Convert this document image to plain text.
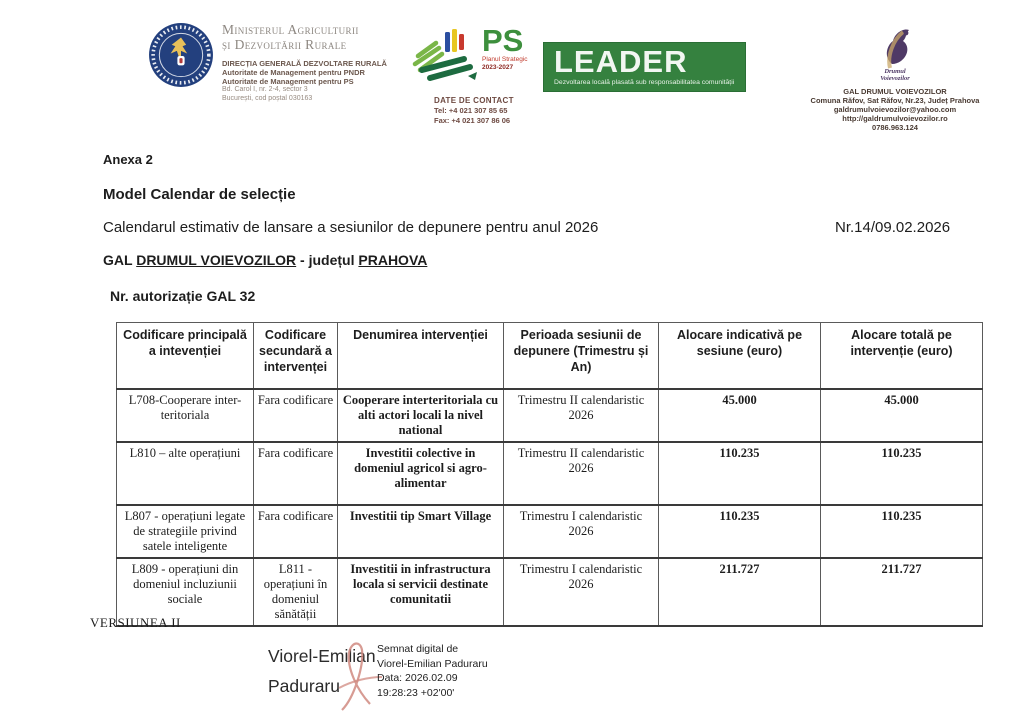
Ministerul Agriculturii
și Dezvoltării Rurale
DIRECȚIA GENERALĂ DEZVOLTARE RURALĂ
Autoritate de Management pentru PNDR
Autoritate de Management pentru PS
Bd. Carol I, nr. 2-4, sector 3
București, cod poștal 030163
PS
Planul Strategic
2023-2027
DATE DE CONTACT
Tel: +4 021 307 85 65
Fax: +4 021 307 86 06
LEADER
Dezvoltarea locală plasată sub responsabilitatea comunității
Drumul
Voievozilor
GAL DRUMUL VOIEVOZILOR
Comuna Răfov, Sat Răfov, Nr.23, Județ Prahova
galdrumulvoievozilor@yahoo.com
http://galdrumulvoievozilor.ro
0786.963.124
Anexa 2
Model Calendar de selecție
Calendarul estimativ de lansare a sesiunilor de depunere pentru anul 2026	Nr.14/09.02.2026
GAL DRUMUL VOIEVOZILOR - județul PRAHOVA
Nr. autorizație GAL 32
Codificare principală a intevenției	Codificare secundară a intervenței	Denumirea intervenției	Perioada sesiunii de depunere (Trimestru și An)	Alocare indicativă pe sesiune (euro)	Alocare totală pe intervenție (euro)
L708-Cooperare inter-teritoriala	Fara codificare	Cooperare interteritoriala cu alti actori locali la nivel national	Trimestru II calendaristic 2026	45.000	45.000
L810 – alte operațiuni	Fara codificare	Investitii colective in domeniul agricol si agro-alimentar	Trimestru II calendaristic 2026	110.235	110.235
L807 - operațiuni legate de strategiile privind satele inteligente	Fara codificare	Investitii tip Smart Village	Trimestru I calendaristic 2026	110.235	110.235
L809 - operațiuni din domeniul incluziunii sociale	L811 - operațiuni în domeniul sănătății	Investitii in infrastructura locala si servicii destinate comunitatii	Trimestru I calendaristic 2026	211.727	211.727
VERSIUNEA II
Viorel-Emilian
Paduraru
Semnat digital de
Viorel-Emilian Paduraru
Data: 2026.02.09
19:28:23 +02'00'
